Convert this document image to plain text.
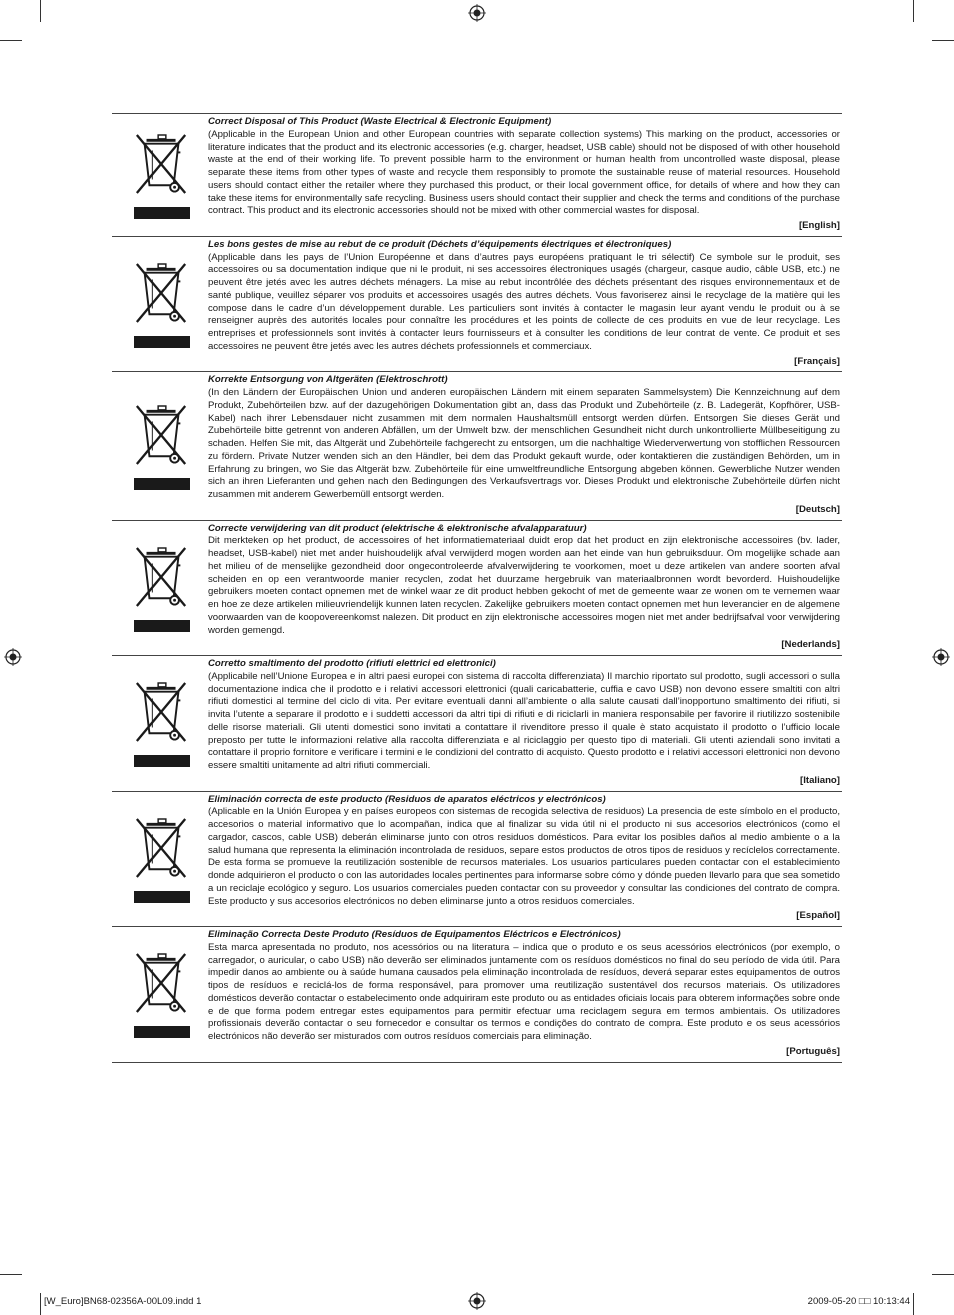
Correct Disposal of This Product (Waste Electrical & Electronic Equipment)
(Applicable in the European Union and other European countries with separate collection systems) This marking on the product, accessories or literature indicates that the product and its electronic accessories (e.g. charger, headset, USB cable) should not be disposed of with other household waste at the end of their working life. To prevent possible harm to the environment or human health from uncontrolled waste disposal, please separate these items from other types of waste and recycle them responsibly to promote the sustainable reuse of material resources. Household users should contact either the retailer where they purchased this product, or their local government office, for details of where and how they can take these items for environmentally safe recycling. Business users should contact their supplier and check the terms and conditions of the purchase contract. This product and its electronic accessories should not be mixed with other commercial wastes for disposal.
[English]
Les bons gestes de mise au rebut de ce produit (Déchets d’équipements électriques et électroniques)
(Applicable dans les pays de l’Union Européenne et dans d’autres pays européens pratiquant le tri sélectif) Ce symbole sur le produit, ses accessoires ou sa documentation indique que ni le produit, ni ses accessoires électroniques usagés (chargeur, casque audio, câble USB, etc.) ne peuvent être jetés avec les autres déchets ménagers. La mise au rebut incontrôlée des déchets présentant des risques environnementaux et de santé publique, veuillez séparer vos produits et accessoires usagés des autres déchets. Vous favoriserez ainsi le recyclage de la matière qui les compose dans le cadre d’un développement durable. Les particuliers sont invités à contacter le magasin leur ayant vendu le produit ou à se renseigner auprès des autorités locales pour connaître les procédures et les points de collecte de ces produits en vue de leur recyclage. Les entreprises et professionnels sont invités à contacter leurs fournisseurs et à consulter les conditions de leur contrat de vente. Ce produit et ses accessoires ne peuvent être jetés avec les autres déchets professionnels et commerciaux.
[Français]
Korrekte Entsorgung von Altgeräten (Elektroschrott)
(In den Ländern der Europäischen Union und anderen europäischen Ländern mit einem separaten Sammelsystem) Die Kennzeichnung auf dem Produkt, Zubehörteilen bzw. auf der dazugehörigen Dokumentation gibt an, dass das Produkt und Zubehörteile (z. B. Ladegerät, Kopfhörer, USB-Kabel) nach ihrer Lebensdauer nicht zusammen mit dem normalen Haushaltsmüll entsorgt werden dürfen. Entsorgen Sie dieses Gerät und Zubehörteile bitte getrennt von anderen Abfällen, um der Umwelt bzw. der menschlichen Gesundheit nicht durch unkontrollierte Müllbeseitigung zu schaden. Helfen Sie mit, das Altgerät und Zubehörteile fachgerecht zu entsorgen, um die nachhaltige Wiederverwertung von stofflichen Ressourcen zu fördern. Private Nutzer wenden sich an den Händler, bei dem das Produkt gekauft wurde, oder kontaktieren die zuständigen Behörden, um in Erfahrung zu bringen, wo Sie das Altgerät bzw. Zubehörteile für eine umweltfreundliche Entsorgung abgeben können. Gewerbliche Nutzer wenden sich an ihren Lieferanten und gehen nach den Bedingungen des Verkaufsvertrags vor. Dieses Produkt und elektronische Zubehörteile dürfen nicht zusammen mit anderem Gewerbemüll entsorgt werden.
[Deutsch]
Correcte verwijdering van dit product (elektrische & elektronische afvalapparatuur)
Dit merkteken op het product, de accessoires of het informatiemateriaal duidt erop dat het product en zijn elektronische accessoires (bv. lader, headset, USB-kabel) niet met ander huishoudelijk afval verwijderd mogen worden aan het einde van hun gebruiksduur. Om mogelijke schade aan het milieu of de menselijke gezondheid door ongecontroleerde afvalverwijdering te voorkomen, moet u deze artikelen van andere soorten afval scheiden en op een verantwoorde manier recyclen, zodat het duurzame hergebruik van materiaalbronnen wordt bevorderd. Huishoudelijke gebruikers moeten contact opnemen met de winkel waar ze dit product hebben gekocht of met de gemeente waar ze wonen om te vernemen waar en hoe ze deze artikelen milieuvriendelijk kunnen laten recyclen. Zakelijke gebruikers moeten contact opnemen met hun leverancier en de algemene voorwaarden van de koopovereenkomst nalezen. Dit product en zijn elektronische accessoires mogen niet met ander bedrijfsafval voor verwijdering worden gemengd.
[Nederlands]
Corretto smaltimento del prodotto (rifiuti elettrici ed elettronici)
(Applicabile nell’Unione Europea e in altri paesi europei con sistema di raccolta differenziata) Il marchio riportato sul prodotto, sugli accessori o sulla documentazione indica che il prodotto e i relativi accessori elettronici (quali caricabatterie, cuffia e cavo USB) non devono essere smaltiti con altri rifiuti domestici al termine del ciclo di vita. Per evitare eventuali danni all’ambiente o alla salute causati dall’inopportuno smaltimento dei rifiuti, si invita l’utente a separare il prodotto e i suddetti accessori da altri tipi di rifiuti e di riciclarli in maniera responsabile per favorire il riutilizzo sostenibile delle risorse materiali. Gli utenti domestici sono invitati a contattare il rivenditore presso il quale è stato acquistato il prodotto o l’ufficio locale preposto per tutte le informazioni relative alla raccolta differenziata e al riciclaggio per questo tipo di materiali. Gli utenti aziendali sono invitati a contattare il proprio fornitore e verificare i termini e le condizioni del contratto di acquisto. Questo prodotto e i relativi accessori elettronici non devono essere smaltiti unitamente ad altri rifiuti commerciali.
[Italiano]
Eliminación correcta de este producto (Residuos de aparatos eléctricos y electrónicos)
(Aplicable en la Unión Europea y en países europeos con sistemas de recogida selectiva de residuos) La presencia de este símbolo en el producto, accesorios o material informativo que lo acompañan, indica que al finalizar su vida útil ni el producto ni sus accesorios electrónicos (como el cargador, cascos, cable USB) deberán eliminarse junto con otros residuos domésticos. Para evitar los posibles daños al medio ambiente o a la salud humana que representa la eliminación incontrolada de residuos, separe estos productos de otros tipos de residuos y recíclelos correctamente. De esta forma se promueve la reutilización sostenible de recursos materiales. Los usuarios particulares pueden contactar con el establecimiento donde adquirieron el producto o con las autoridades locales pertinentes para informarse sobre cómo y dónde pueden llevarlo para que sea sometido a un reciclaje ecológico y seguro. Los usuarios comerciales pueden contactar con su proveedor y consultar las condiciones del contrato de compra. Este producto y sus accesorios electrónicos no deben eliminarse junto a otros residuos comerciales.
[Español]
Eliminação Correcta Deste Produto (Resíduos de Equipamentos Eléctricos e Electrónicos)
Esta marca apresentada no produto, nos acessórios ou na literatura – indica que o produto e os seus acessórios electrónicos (por exemplo, o carregador, o auricular, o cabo USB) não deverão ser eliminados juntamente com os resíduos domésticos no final do seu período de vida útil. Para impedir danos ao ambiente ou à saúde humana causados pela eliminação incontrolada de resíduos, deverá separar estes equipamentos de outros tipos de resíduos e reciclá-los de forma responsável, para promover uma reutilização sustentável dos recursos materiais. Os utilizadores domésticos deverão contactar o estabelecimento onde adquiriram este produto ou as entidades oficiais locais para obterem informações sobre onde e de que forma podem entregar estes equipamentos para permitir efectuar uma reciclagem segura em termos ambientais. Os utilizadores profissionais deverão contactar o seu fornecedor e consultar os termos e condições do contrato de compra. Este produto e os seus acessórios electrónicos não deverão ser misturados com outros resíduos comerciais para eliminação.
[Português]
[W_Euro]BN68-02356A-00L09.indd 1	2009-05-20 □□ 10:13:44
